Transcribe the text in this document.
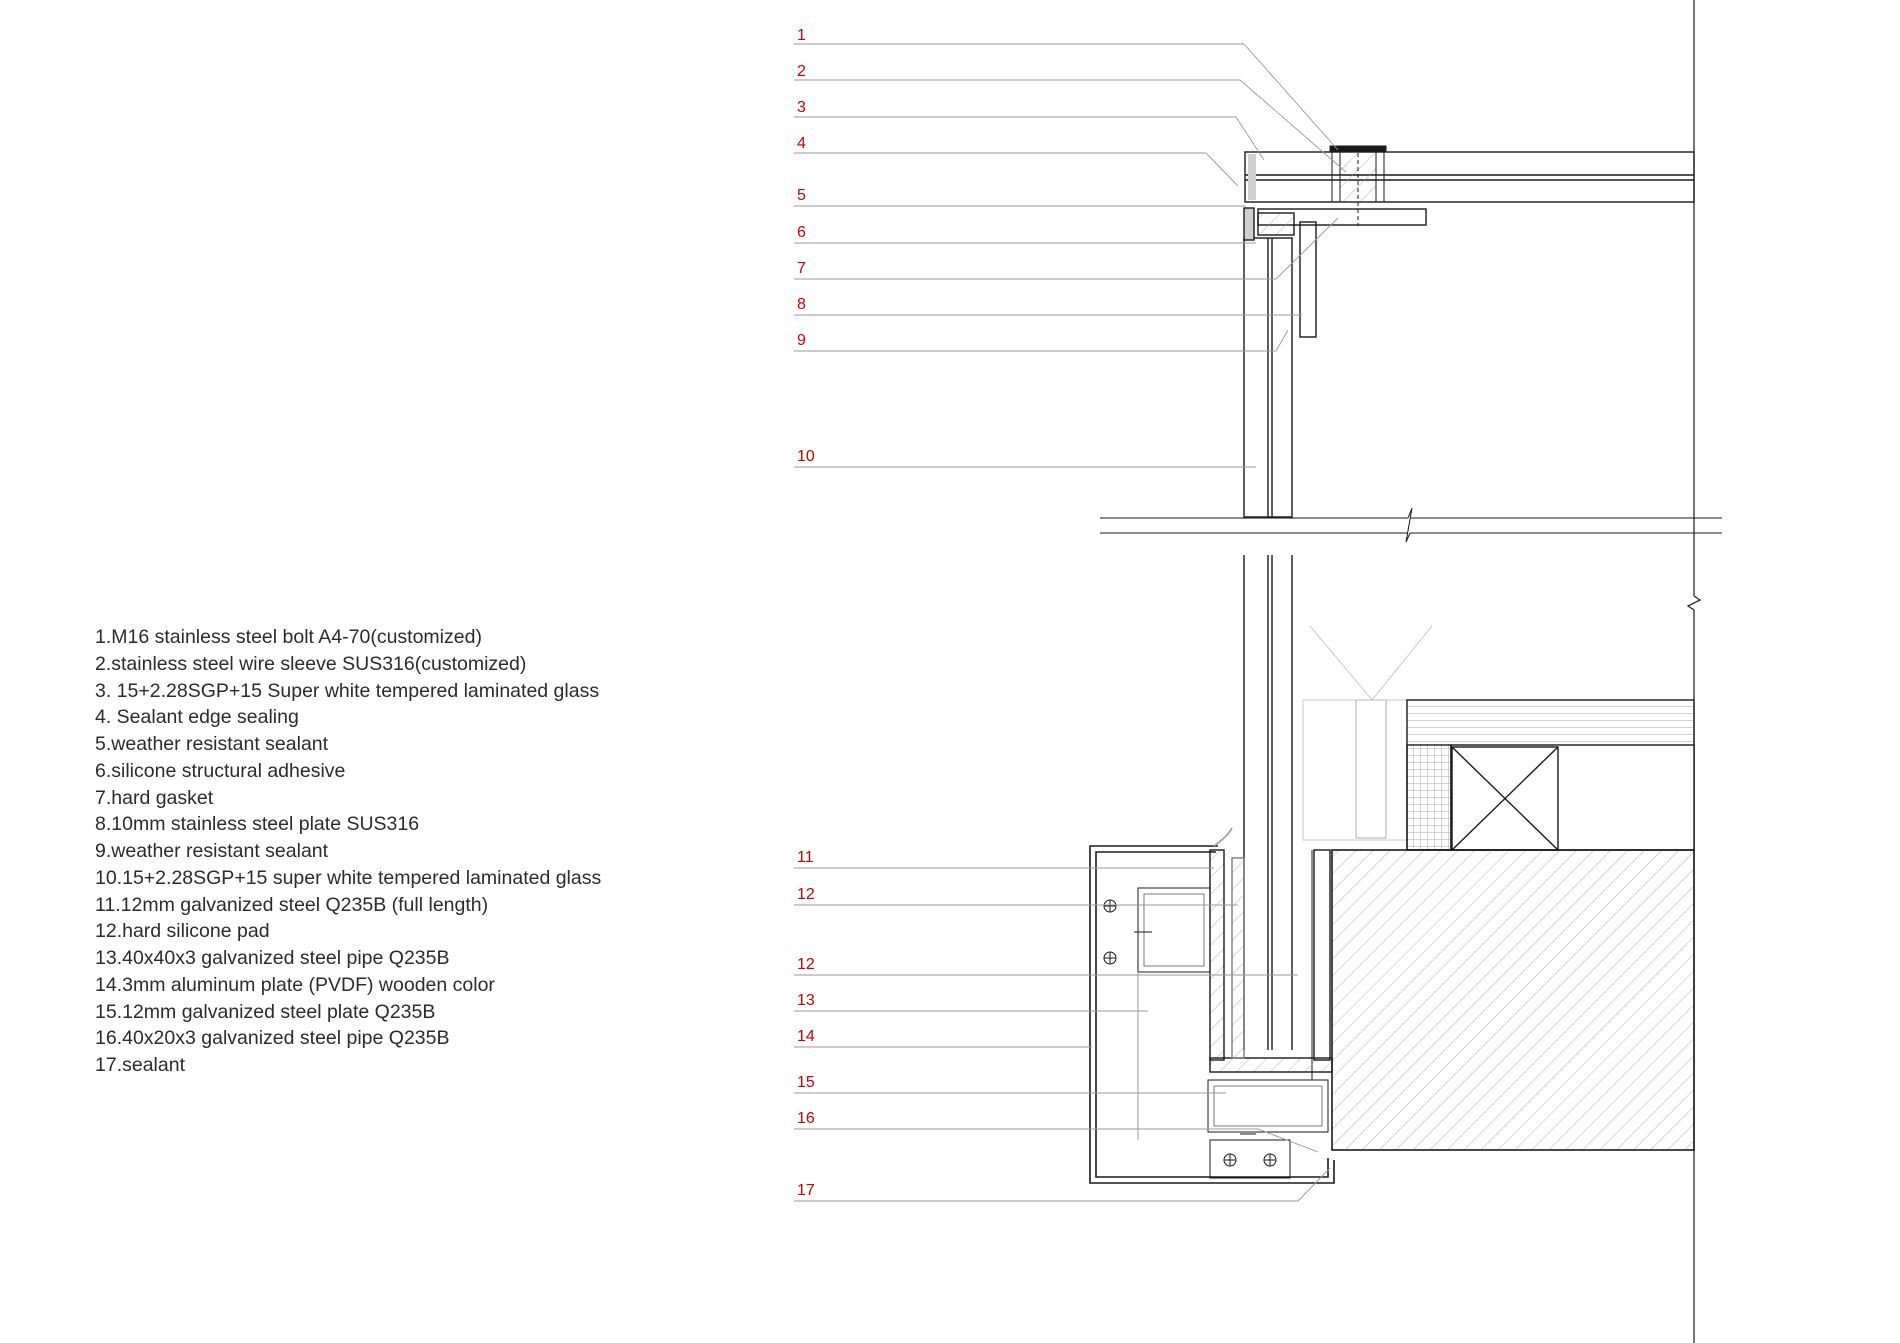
1.M16 stainless steel bolt A4-70(customized)
2.stainless steel wire sleeve SUS316(customized)
3. 15+2.28SGP+15 Super white tempered laminated glass
4. Sealant edge sealing
5.weather resistant sealant
6.silicone structural adhesive
7.hard gasket
8.10mm stainless steel plate SUS316
9.weather resistant sealant
10.15+2.28SGP+15 super white tempered laminated glass
11.12mm galvanized steel Q235B (full length)
12.hard silicone pad
13.40x40x3 galvanized steel pipe Q235B
14.3mm aluminum plate (PVDF) wooden color
15.12mm galvanized steel plate Q235B
16.40x20x3 galvanized steel pipe Q235B
17.sealant
1
2
3
4
5
6
7
8
9
10
11
12
12
13
14
15
16
17
